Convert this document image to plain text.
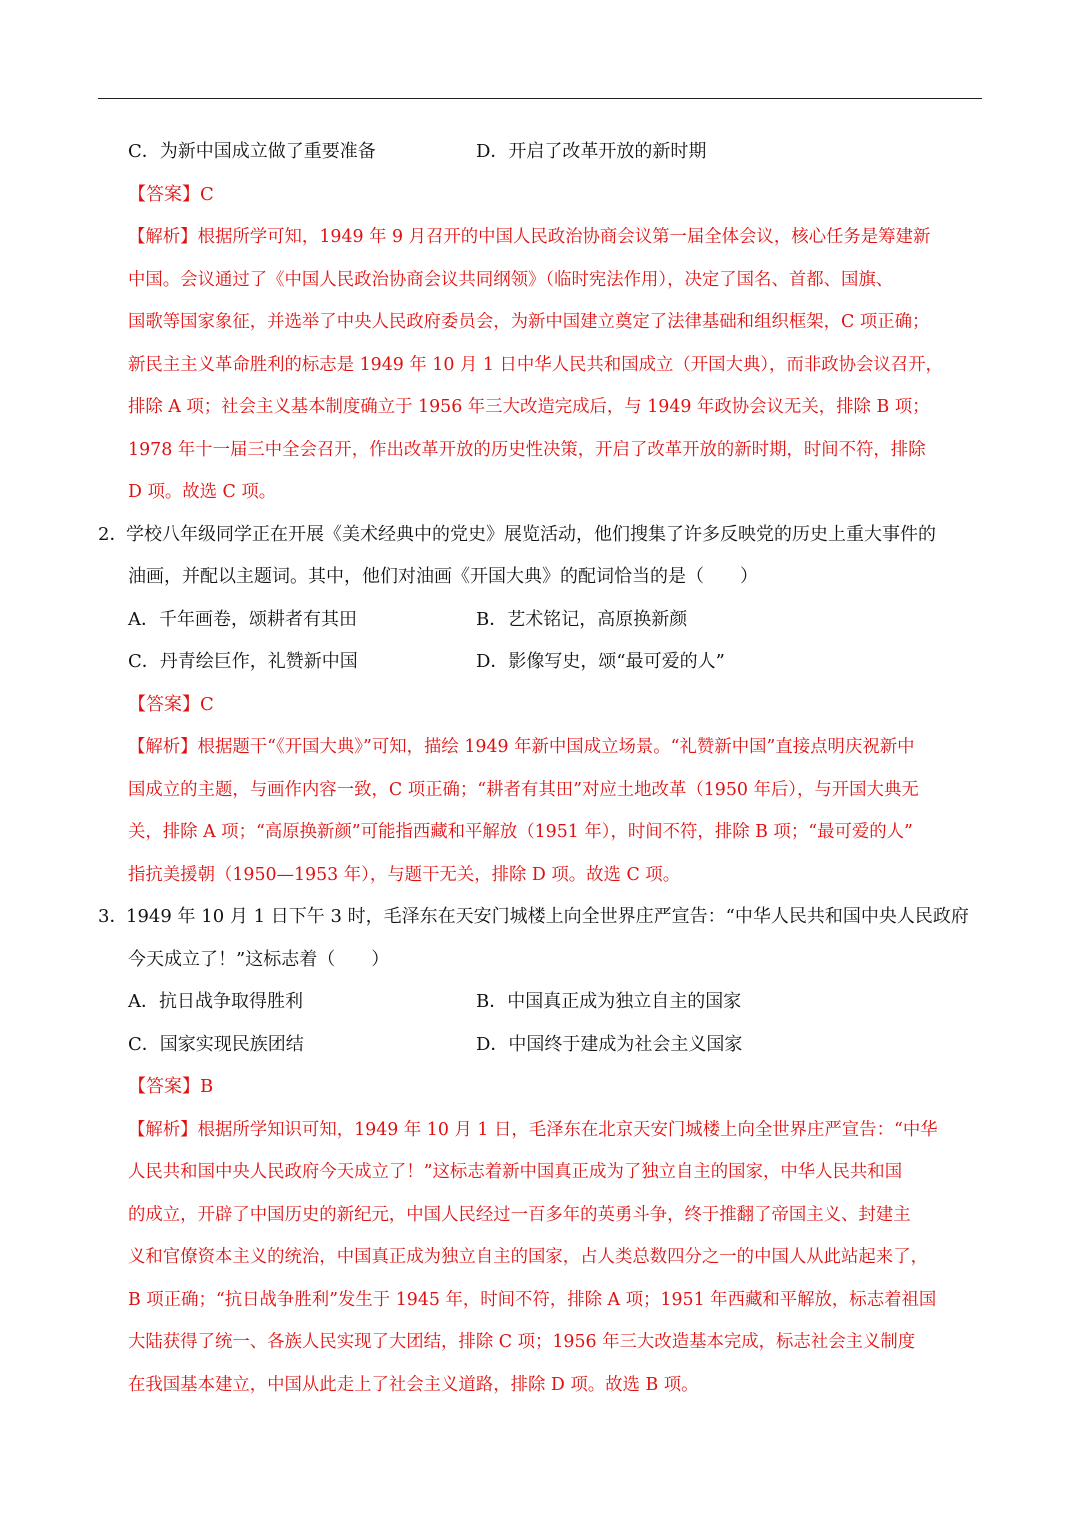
C．为新中国成立做了重要准备	D．开启了改革开放的新时期
【答案】C
【解析】根据所学可知，1949 年 9 月召开的中国人民政治协商会议第一届全体会议，核心任务是筹建新
中国。会议通过了《中国人民政治协商会议共同纲领》（临时宪法作用），决定了国名、首都、国旗、
国歌等国家象征，并选举了中央人民政府委员会，为新中国建立奠定了法律基础和组织框架，C 项正确；
新民主主义革命胜利的标志是 1949 年 10 月 1 日中华人民共和国成立（开国大典），而非政协会议召开，
排除 A 项；社会主义基本制度确立于 1956 年三大改造完成后，与 1949 年政协会议无关，排除 B 项；
1978 年十一届三中全会召开，作出改革开放的历史性决策，开启了改革开放的新时期，时间不符，排除
D 项。故选 C 项。
2．学校八年级同学正在开展《美术经典中的党史》展览活动，他们搜集了许多反映党的历史上重大事件的
油画，并配以主题词。其中，他们对油画《开国大典》的配词恰当的是（　　）
A．千年画卷，颂耕者有其田	B．艺术铭记，高原换新颜
C．丹青绘巨作，礼赞新中国	D．影像写史，颂“最可爱的人”
【答案】C
【解析】根据题干“《开国大典》”可知，描绘 1949 年新中国成立场景。“礼赞新中国”直接点明庆祝新中
国成立的主题，与画作内容一致，C 项正确；“耕者有其田”对应土地改革（1950 年后），与开国大典无
关，排除 A 项；“高原换新颜”可能指西藏和平解放（1951 年），时间不符，排除 B 项；“最可爱的人”
指抗美援朝（1950—1953 年），与题干无关，排除 D 项。故选 C 项。
3．1949 年 10 月 1 日下午 3 时，毛泽东在天安门城楼上向全世界庄严宣告：“中华人民共和国中央人民政府
今天成立了！”这标志着（　　）
A．抗日战争取得胜利	B．中国真正成为独立自主的国家
C．国家实现民族团结	D．中国终于建成为社会主义国家
【答案】B
【解析】根据所学知识可知，1949 年 10 月 1 日，毛泽东在北京天安门城楼上向全世界庄严宣告：“中华
人民共和国中央人民政府今天成立了！”这标志着新中国真正成为了独立自主的国家，中华人民共和国
的成立，开辟了中国历史的新纪元，中国人民经过一百多年的英勇斗争，终于推翻了帝国主义、封建主
义和官僚资本主义的统治，中国真正成为独立自主的国家，占人类总数四分之一的中国人从此站起来了，
B 项正确；“抗日战争胜利”发生于 1945 年，时间不符，排除 A 项；1951 年西藏和平解放，标志着祖国
大陆获得了统一、各族人民实现了大团结，排除 C 项；1956 年三大改造基本完成，标志社会主义制度
在我国基本建立，中国从此走上了社会主义道路，排除 D 项。故选 B 项。
